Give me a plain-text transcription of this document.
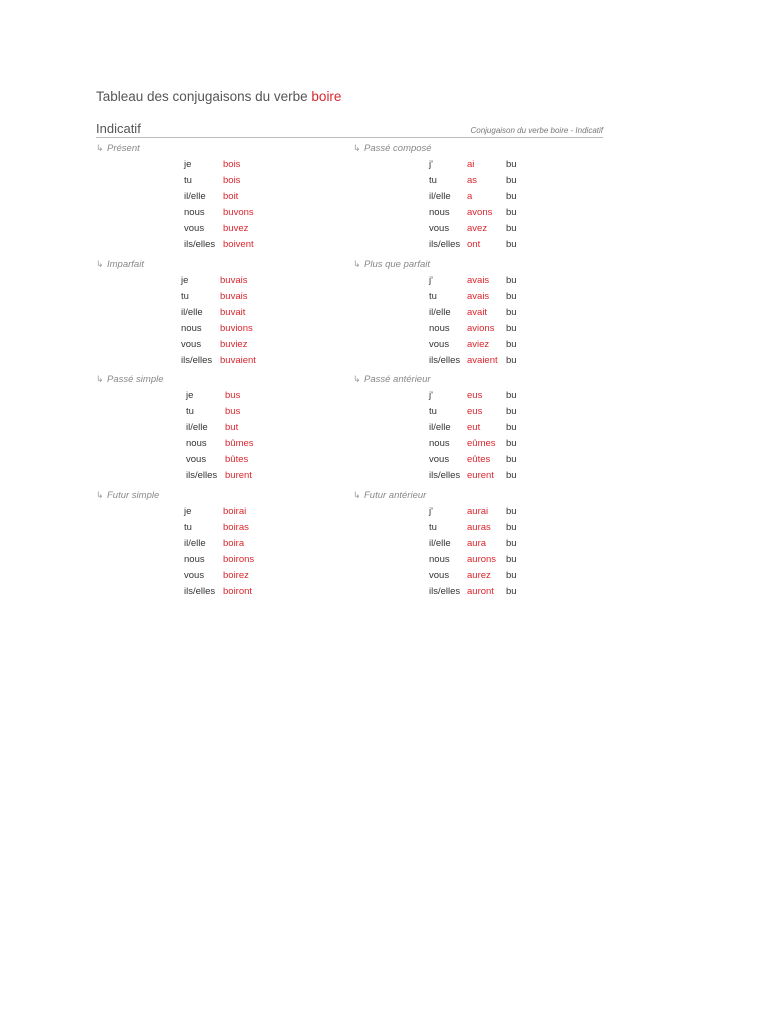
Tableau des conjugaisons du verbe boire
Indicatif	Conjugaison du verbe boire - Indicatif
↳ Présent
je	bois
tu	bois
il/elle boit
nous buvons
vous buvez
ils/elles boivent
↳ Passé composé
j'	ai	bu
tu	as	bu
il/elle a	bu
nous avons bu
vous avez bu
ils/elles ont	bu
↳ Imparfait
je	buvais
tu	buvais
il/elle buvait
nous buvions
vous buviez
ils/elles buvaient
↳ Plus que parfait
j'	avais bu
tu	avais bu
il/elle avait bu
nous avions bu
vous aviez bu
ils/elles avaient bu
↳ Passé simple
je	bus
tu	bus
il/elle but
nous bûmes
vous bûtes
ils/elles burent
↳ Passé antérieur
j'	eus bu
tu	eus bu
il/elle eut	bu
nous eûmes bu
vous eûtes bu
ils/elles eurent bu
↳ Futur simple
je	boirai
tu	boiras
il/elle boira
nous boirons
vous boirez
ils/elles boiront
↳ Futur antérieur
j'	aurai bu
tu	auras bu
il/elle aura bu
nous aurons bu
vous aurez bu
ils/elles auront bu
